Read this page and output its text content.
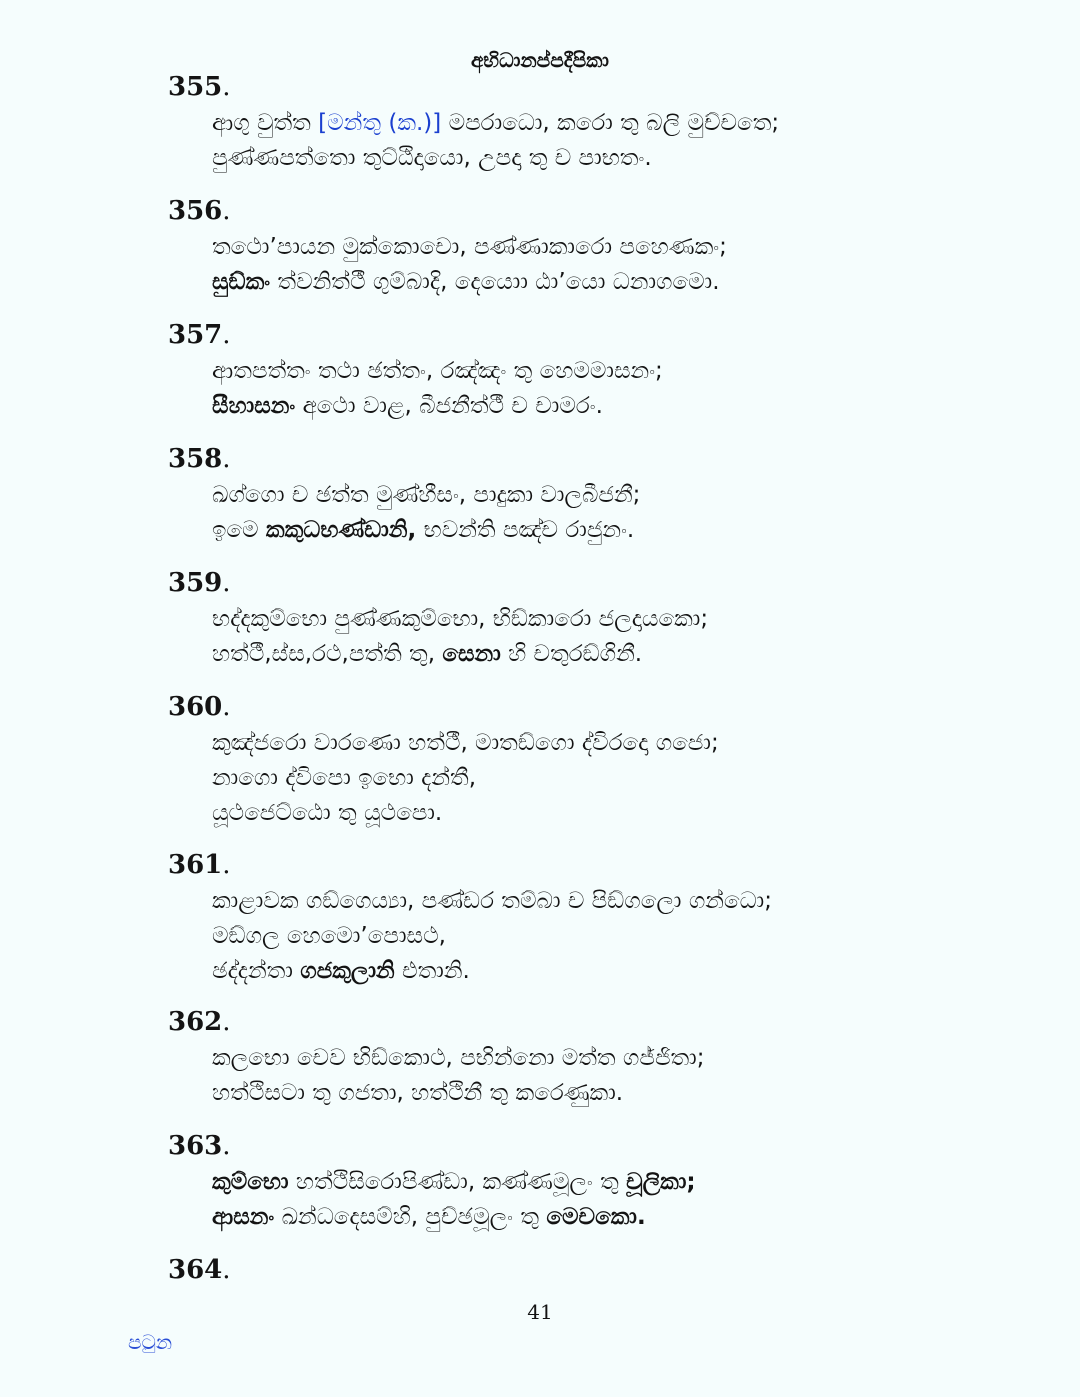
අභිධානප්පදීපිකා
355.
ආගු වුත්ත [මන්තු (ක.)] මපරාධො, කරො තු බලි මුච්චතෙ;
පුණ්ණපත්තො තුට්ඨිදායො, උපදා තු ච පාභතං.
356.
තථො’පායන මුක්කොචො, පණ්ණාකාරො පහෙණකං;
සුඞ්කං ත්වනිත්ථී ගුම්බාදි, දෙයොා ඨා’යො ධනාගමො.
357.
ආතපත්තං තථා ඡත්තං, රඤ්ඤං තු හෙමමාසනං;
සීහාසනං අථො වාළ, බීජනීත්ථී ච චාමරං.
358.
ඛග්ගො ච ඡත්ත මුණ්හීසං, පාදුකා වාලබීජනී;
ඉමෙ කකුධභණ්ඩානි, භවන්ති පඤ්ච රාජුනං.
359.
භද්දකුම්භො පුණ්ණකුම්භො, භිඞ්කාරො ජලදායකො;
හත්ථී,ස්ස,රථ,පත්ති තු, සෙනා හි චතුරඞ්ගිනී.
360.
කුඤ්ජරො වාරණො හත්ථී, මාතඞ්ගො ද්විරදො ගජො;
නාගො ද්විපො ඉභො දන්තී,
යූථජෙට්ඨො තු යූථපො.
361.
කාළාවක ගඞ්ගෙය්‍යා, පණ්ඩර තම්බා ච පිඞ්ගලො ගන්ධො;
මඞ්ගල හෙමො’පොසථ,
ඡද්දන්තා ගජකුලානි එතානි.
362.
කලභො චෙව භිඞ්කොථ, පභින්නො මත්ත ගජ්ජිතා;
හත්ථිසටා තු ගජතා, හත්ථිනී තු කරෙණුකා.
363.
කුම්භො හත්ථිසිරොපිණ්ඩා, කණ්ණමූලං තු චූලිකා;
ආසනං ඛන්ධදෙසම්හි, පුච්ඡමූලං තු මෙචකො.
364.
41
පටුන
